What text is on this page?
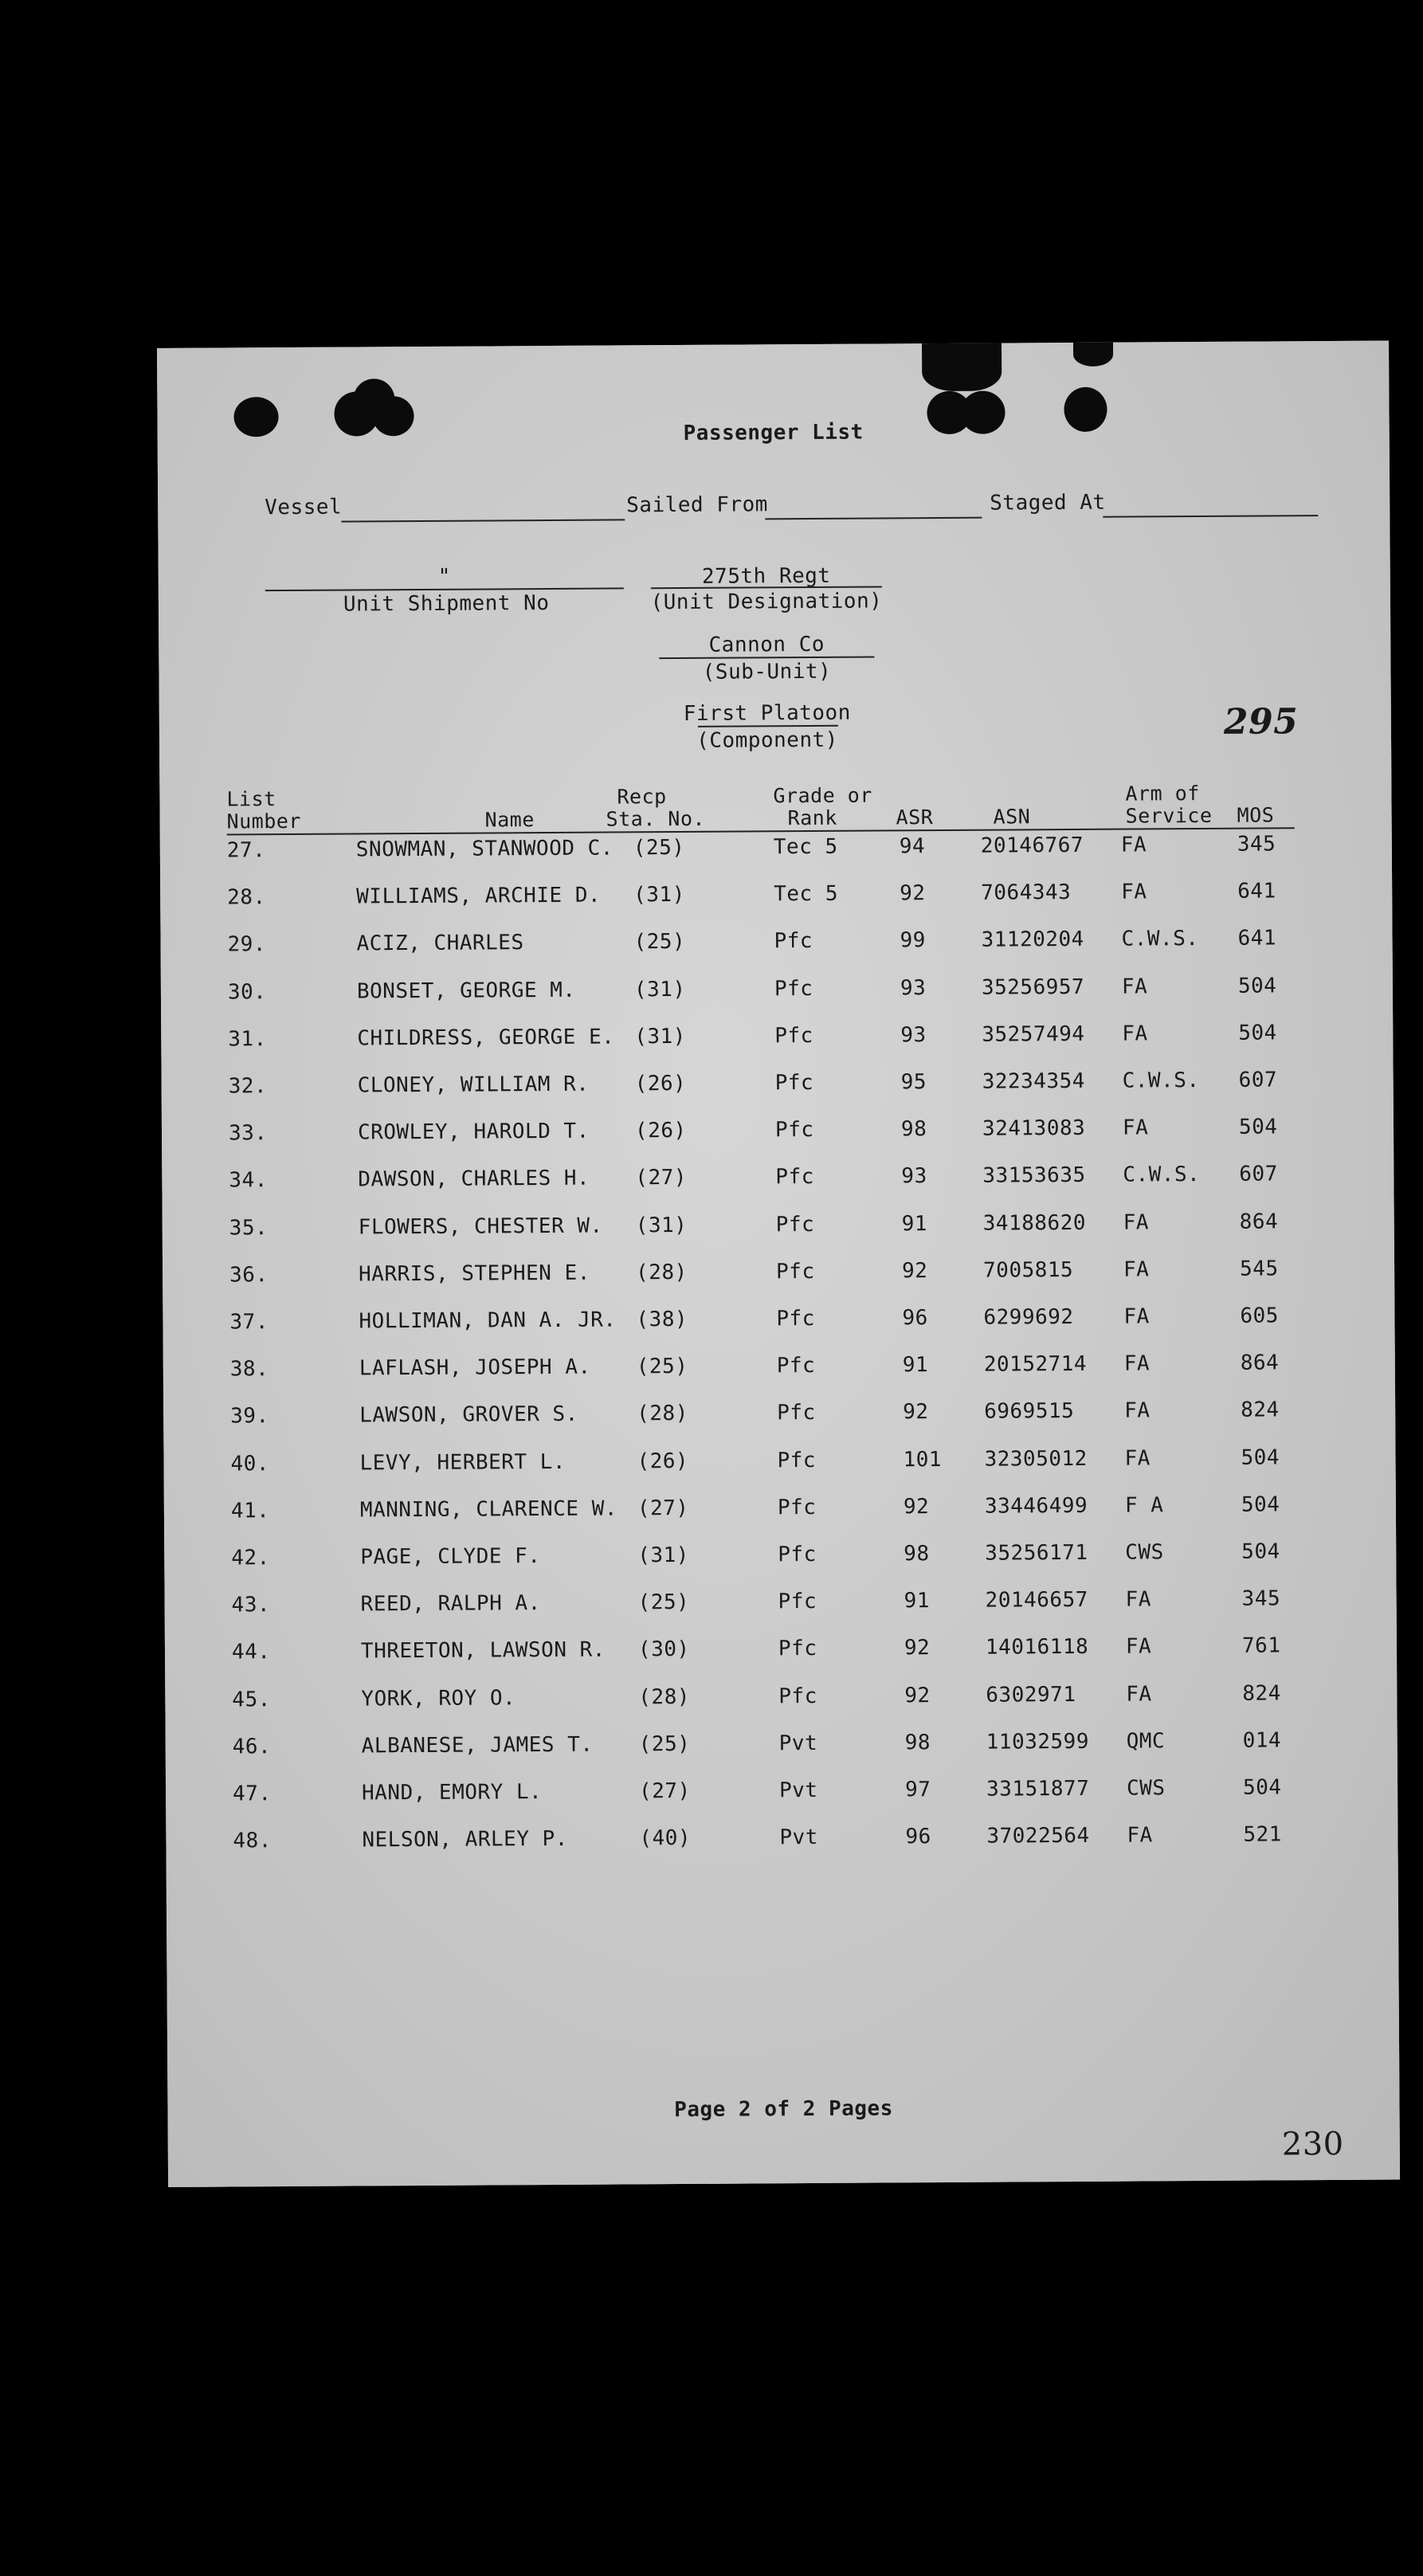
Passenger List
Vessel	Sailed From	Staged At
"
Unit Shipment No
275th Regt
(Unit Designation)
Cannon Co
(Sub-Unit)
First Platoon
(Component)	295
List
Number	Name
Recp
Sta. No.
Grade or
Rank	ASR	ASN
Arm of
Service MOS
27.	SNOWMAN, STANWOOD C. (25)	Tec 5	94	20146767 FA	345
28.	WILLIAMS, ARCHIE D. (31)	Tec 5	92	7064343 FA	641
29.	ACIZ, CHARLES	(25)	Pfc	99	31120204 C.W.S. 641
30.	BONSET, GEORGE M.	(31)	Pfc	93	35256957 FA	504
31.	CHILDRESS, GEORGE E. (31)	Pfc	93	35257494 FA	504
32.	CLONEY, WILLIAM R. (26)	Pfc	95	32234354 C.W.S. 607
33.	CROWLEY, HAROLD T. (26)	Pfc	98	32413083 FA	504
34.	DAWSON, CHARLES H. (27)	Pfc	93	33153635 C.W.S. 607
35.	FLOWERS, CHESTER W. (31)	Pfc	91	34188620 FA	864
36.	HARRIS, STEPHEN E. (28)	Pfc	92	7005815 FA	545
37.	HOLLIMAN, DAN A. JR. (38)	Pfc	96	6299692 FA	605
38.	LAFLASH, JOSEPH A. (25)	Pfc	91	20152714 FA	864
39.	LAWSON, GROVER S.	(28)	Pfc	92	6969515 FA	824
40.	LEVY, HERBERT L.	(26)	Pfc	101 32305012 FA	504
41.	MANNING, CLARENCE W. (27)	Pfc	92	33446499 F A	504
42.	PAGE, CLYDE F.	(31)	Pfc	98	35256171 CWS	504
43.	REED, RALPH A.	(25)	Pfc	91	20146657 FA	345
44.	THREETON, LAWSON R. (30)	Pfc	92	14016118 FA	761
45.	YORK, ROY O.	(28)	Pfc	92	6302971 FA	824
46.	ALBANESE, JAMES T. (25)	Pvt	98	11032599 QMC	014
47.	HAND, EMORY L.	(27)	Pvt	97	33151877 CWS	504
48.	NELSON, ARLEY P.	(40)	Pvt	96	37022564 FA	521
Page 2 of 2 Pages
230
